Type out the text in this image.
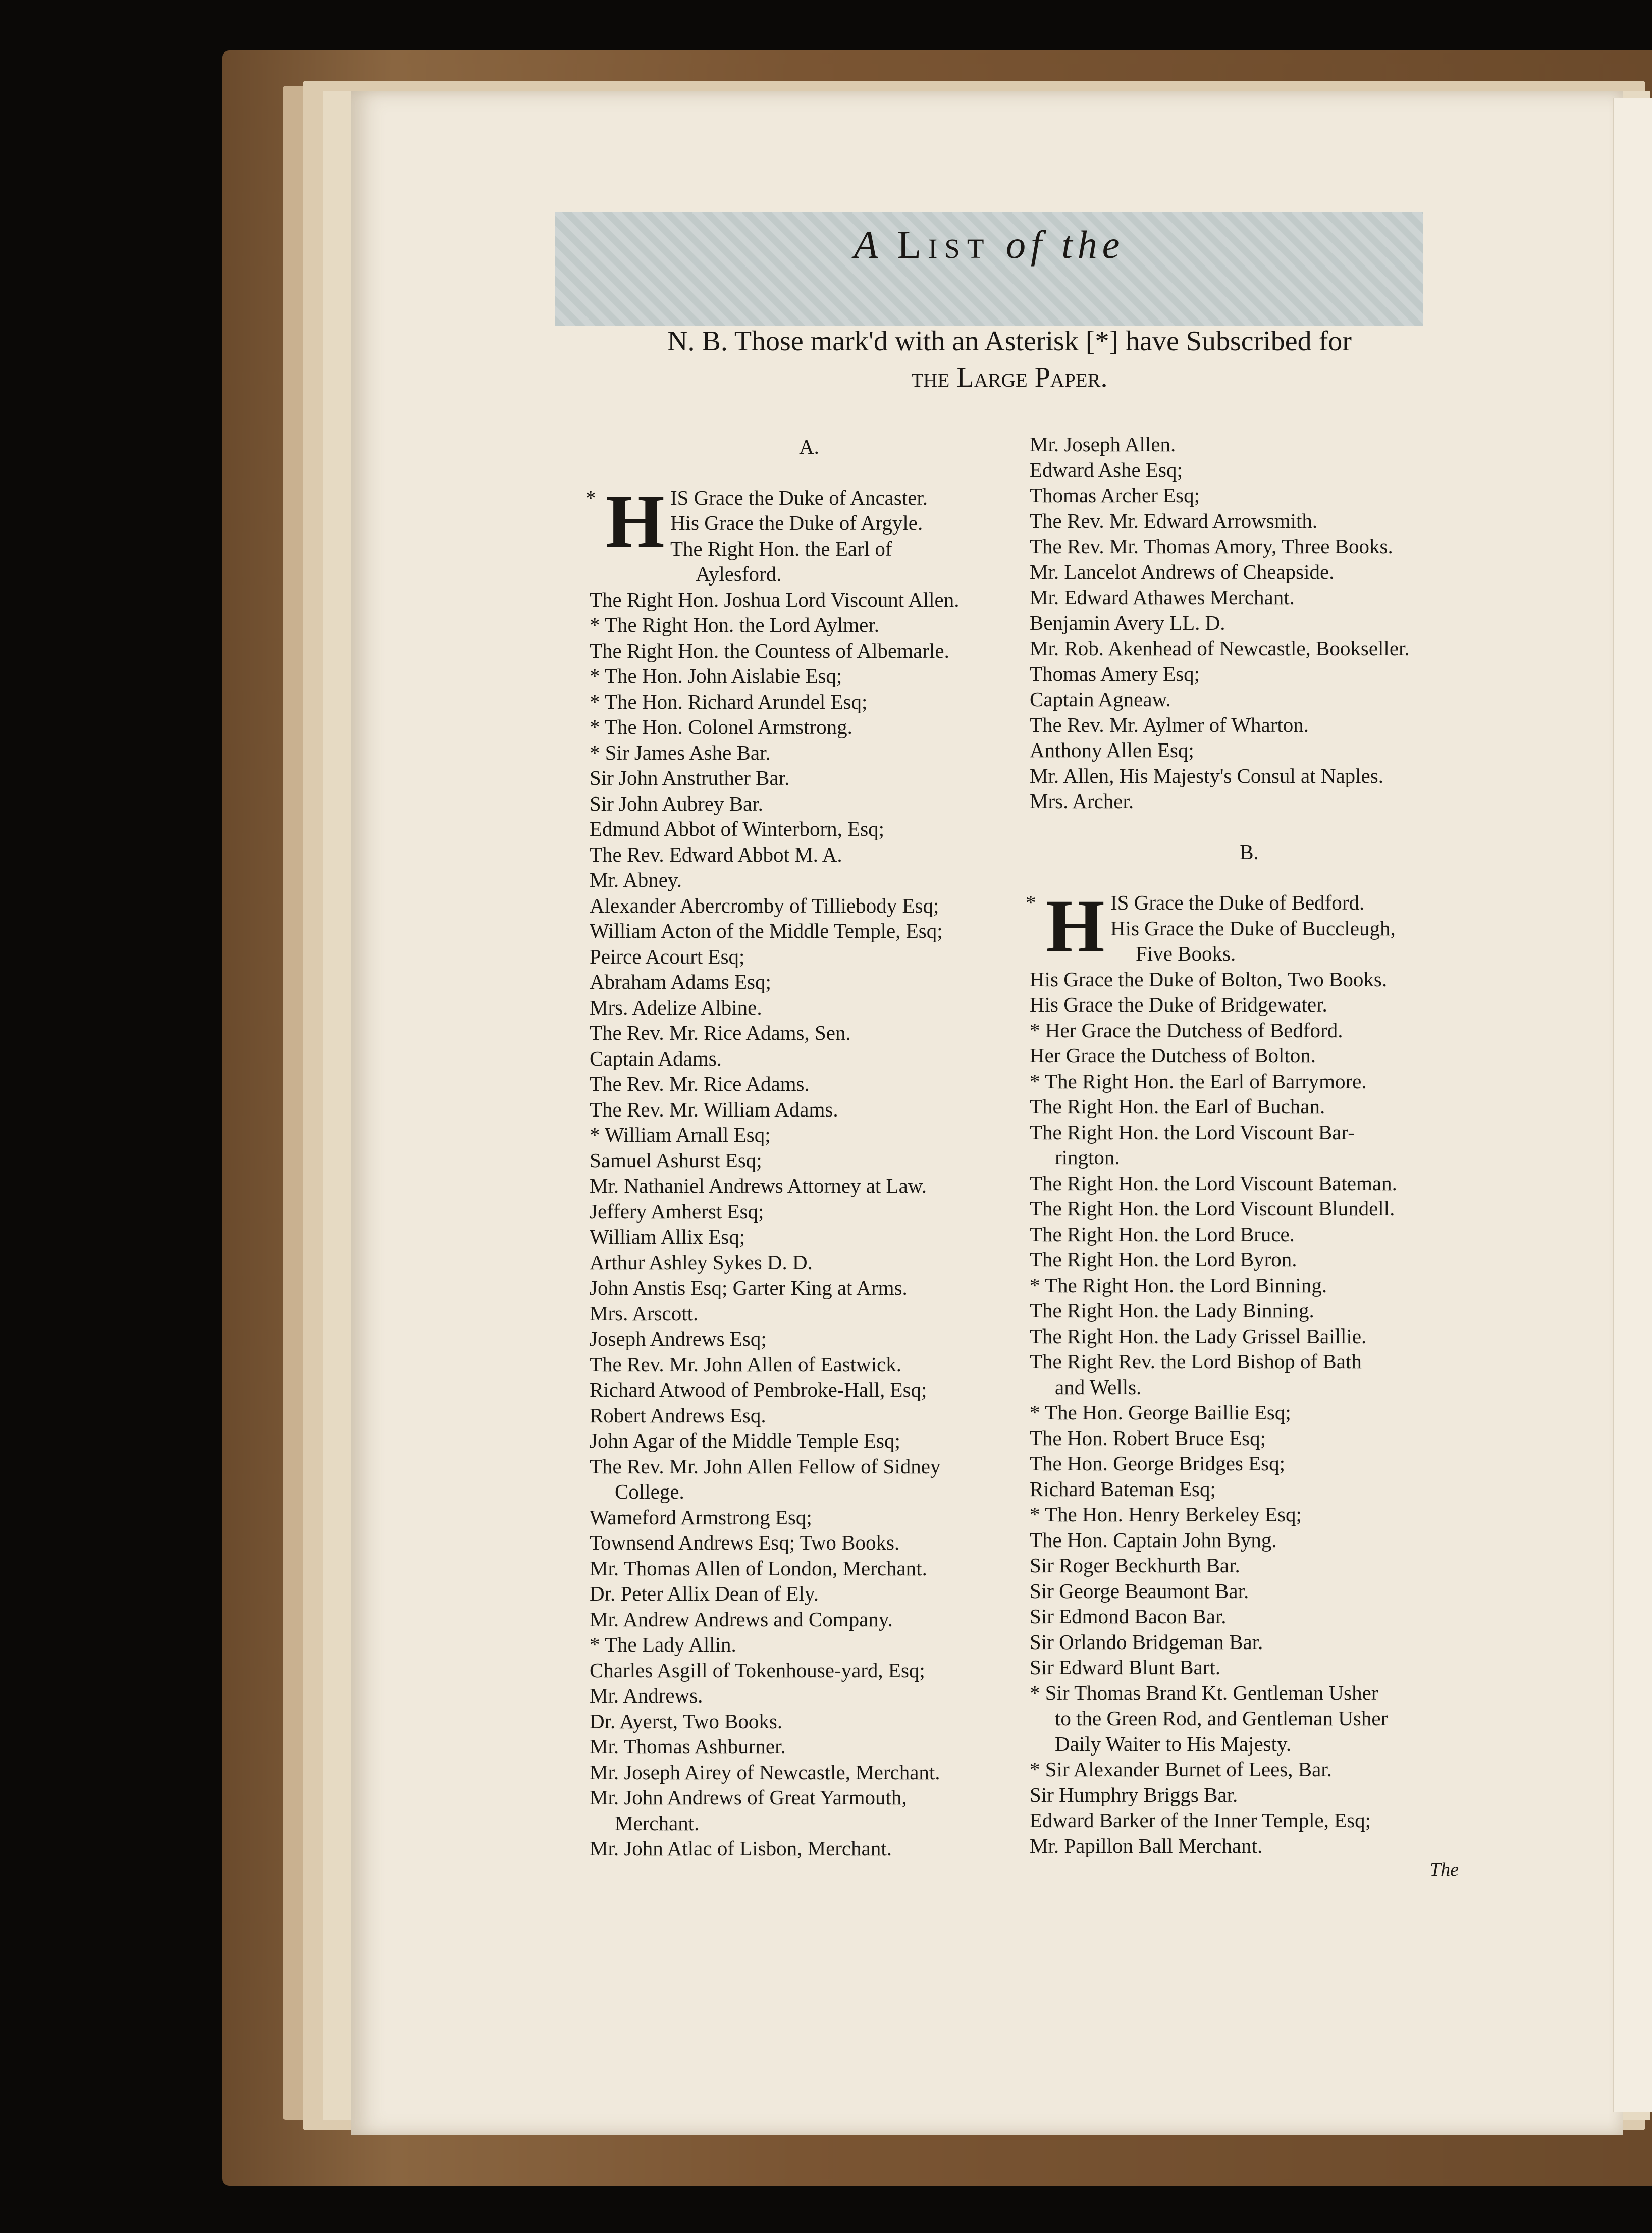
A List of the
N. B. Those mark'd with an Asterisk [*] have Subscribed for
the Large Paper.
A.
* H IS Grace the Duke of Ancaster.
His Grace the Duke of Argyle.
The Right Hon. the Earl of
Aylesford.
The Right Hon. Joshua Lord Viscount Allen.
* The Right Hon. the Lord Aylmer.
The Right Hon. the Countess of Albemarle.
* The Hon. John Aislabie Esq;
* The Hon. Richard Arundel Esq;
* The Hon. Colonel Armstrong.
* Sir James Ashe Bar.
Sir John Anstruther Bar.
Sir John Aubrey Bar.
Edmund Abbot of Winterborn, Esq;
The Rev. Edward Abbot M. A.
Mr. Abney.
Alexander Abercromby of Tilliebody Esq;
William Acton of the Middle Temple, Esq;
Peirce Acourt Esq;
Abraham Adams Esq;
Mrs. Adelize Albine.
The Rev. Mr. Rice Adams, Sen.
Captain Adams.
The Rev. Mr. Rice Adams.
The Rev. Mr. William Adams.
* William Arnall Esq;
Samuel Ashurst Esq;
Mr. Nathaniel Andrews Attorney at Law.
Jeffery Amherst Esq;
William Allix Esq;
Arthur Ashley Sykes D. D.
John Anstis Esq; Garter King at Arms.
Mrs. Arscott.
Joseph Andrews Esq;
The Rev. Mr. John Allen of Eastwick.
Richard Atwood of Pembroke-Hall, Esq;
Robert Andrews Esq.
John Agar of the Middle Temple Esq;
The Rev. Mr. John Allen Fellow of Sidney
College.
Wameford Armstrong Esq;
Townsend Andrews Esq; Two Books.
Mr. Thomas Allen of London, Merchant.
Dr. Peter Allix Dean of Ely.
Mr. Andrew Andrews and Company.
* The Lady Allin.
Charles Asgill of Tokenhouse-yard, Esq;
Mr. Andrews.
Dr. Ayerst, Two Books.
Mr. Thomas Ashburner.
Mr. Joseph Airey of Newcastle, Merchant.
Mr. John Andrews of Great Yarmouth,
Merchant.
Mr. John Atlac of Lisbon, Merchant.
Mr. Joseph Allen.
Edward Ashe Esq;
Thomas Archer Esq;
The Rev. Mr. Edward Arrowsmith.
The Rev. Mr. Thomas Amory, Three Books.
Mr. Lancelot Andrews of Cheapside.
Mr. Edward Athawes Merchant.
Benjamin Avery LL. D.
Mr. Rob. Akenhead of Newcastle, Bookseller.
Thomas Amery Esq;
Captain Agneaw.
The Rev. Mr. Aylmer of Wharton.
Anthony Allen Esq;
Mr. Allen, His Majesty's Consul at Naples.
Mrs. Archer.
B.
* H IS Grace the Duke of Bedford.
His Grace the Duke of Buccleugh,
Five Books.
His Grace the Duke of Bolton, Two Books.
His Grace the Duke of Bridgewater.
* Her Grace the Dutchess of Bedford.
Her Grace the Dutchess of Bolton.
* The Right Hon. the Earl of Barrymore.
The Right Hon. the Earl of Buchan.
The Right Hon. the Lord Viscount Bar-
rington.
The Right Hon. the Lord Viscount Bateman.
The Right Hon. the Lord Viscount Blundell.
The Right Hon. the Lord Bruce.
The Right Hon. the Lord Byron.
* The Right Hon. the Lord Binning.
The Right Hon. the Lady Binning.
The Right Hon. the Lady Grissel Baillie.
The Right Rev. the Lord Bishop of Bath
and Wells.
* The Hon. George Baillie Esq;
The Hon. Robert Bruce Esq;
The Hon. George Bridges Esq;
Richard Bateman Esq;
* The Hon. Henry Berkeley Esq;
The Hon. Captain John Byng.
Sir Roger Beckhurth Bar.
Sir George Beaumont Bar.
Sir Edmond Bacon Bar.
Sir Orlando Bridgeman Bar.
Sir Edward Blunt Bart.
* Sir Thomas Brand Kt. Gentleman Usher
to the Green Rod, and Gentleman Usher
Daily Waiter to His Majesty.
* Sir Alexander Burnet of Lees, Bar.
Sir Humphry Briggs Bar.
Edward Barker of the Inner Temple, Esq;
Mr. Papillon Ball Merchant.
The
